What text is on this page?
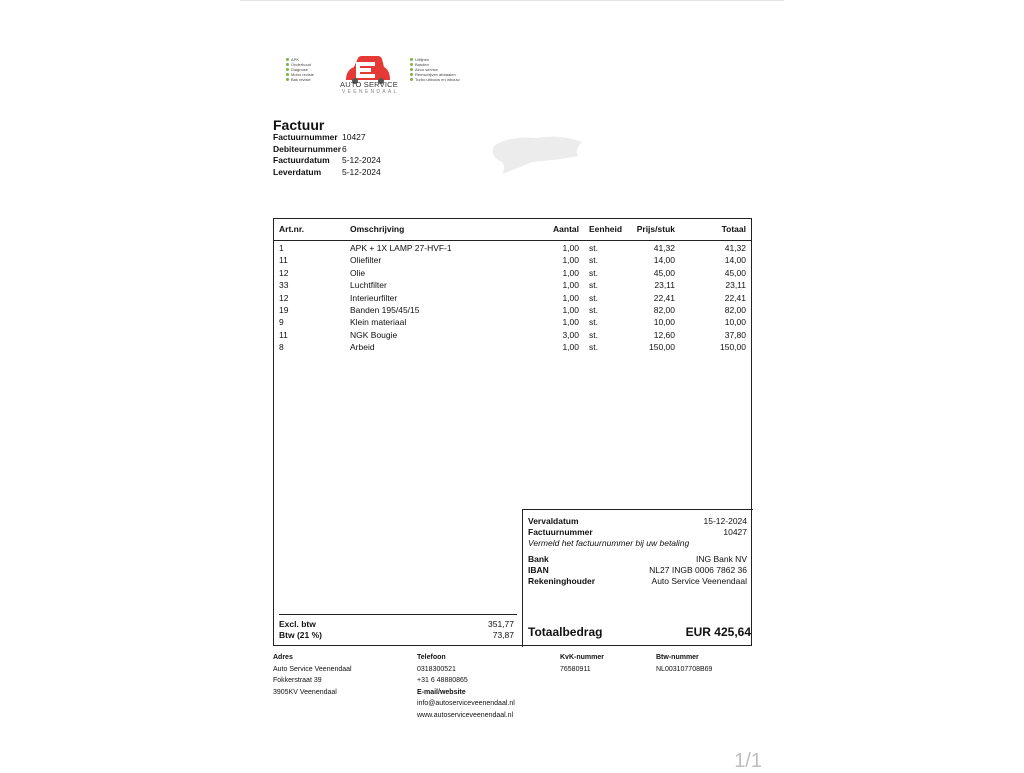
APK
Onderhoud
Diagnose
Motor revisie
Bak revisie
AUTO SERVICE
VEENENDAAL
Uitlijnen
Banden
Airco service
Remschijven afdraaien
Turbo uitbouw en inbouw
Factuur
Factuurnummer 10427
Debiteurnummer 6
Factuurdatum	5-12-2024
Leverdatum	5-12-2024
Art.nr.	Omschrijving	Aantal Eenheid Prijs/stuk	Totaal
1	APK + 1X LAMP 27-HVF-1	1,00 st.	41,32	41,32
11	Oliefilter	1,00 st.	14,00	14,00
12	Olie	1,00 st.	45,00	45,00
33	Luchtfilter	1,00 st.	23,11	23,11
12	Interieurfilter	1,00 st.	22,41	22,41
19	Banden 195/45/15	1,00 st.	82,00	82,00
9	Klein materiaal	1,00 st.	10,00	10,00
11	NGK Bougie	3,00 st.	12,60	37,80
8	Arbeid	1,00 st.	150,00	150,00
Excl. btw	351,77
Btw (21 %)	73,87
Vervaldatum	15-12-2024
Factuurnummer	10427
Vermeld het factuurnummer bij uw betaling
Bank	ING Bank NV
IBAN	NL27 INGB 0006 7862 36
Rekeninghouder	Auto Service Veenendaal
Totaalbedrag	EUR 425,64
Adres
Auto Service Veenendaal
Fokkerstraat 39
3905KV Veenendaal
Telefoon
0318300521
+31 6 48880865
E-mail/website
info@autoserviceveenendaal.nl
www.autoserviceveenendaal.nl
KvK-nummer
76580911
Btw-nummer
NL003107708B69
1/1
